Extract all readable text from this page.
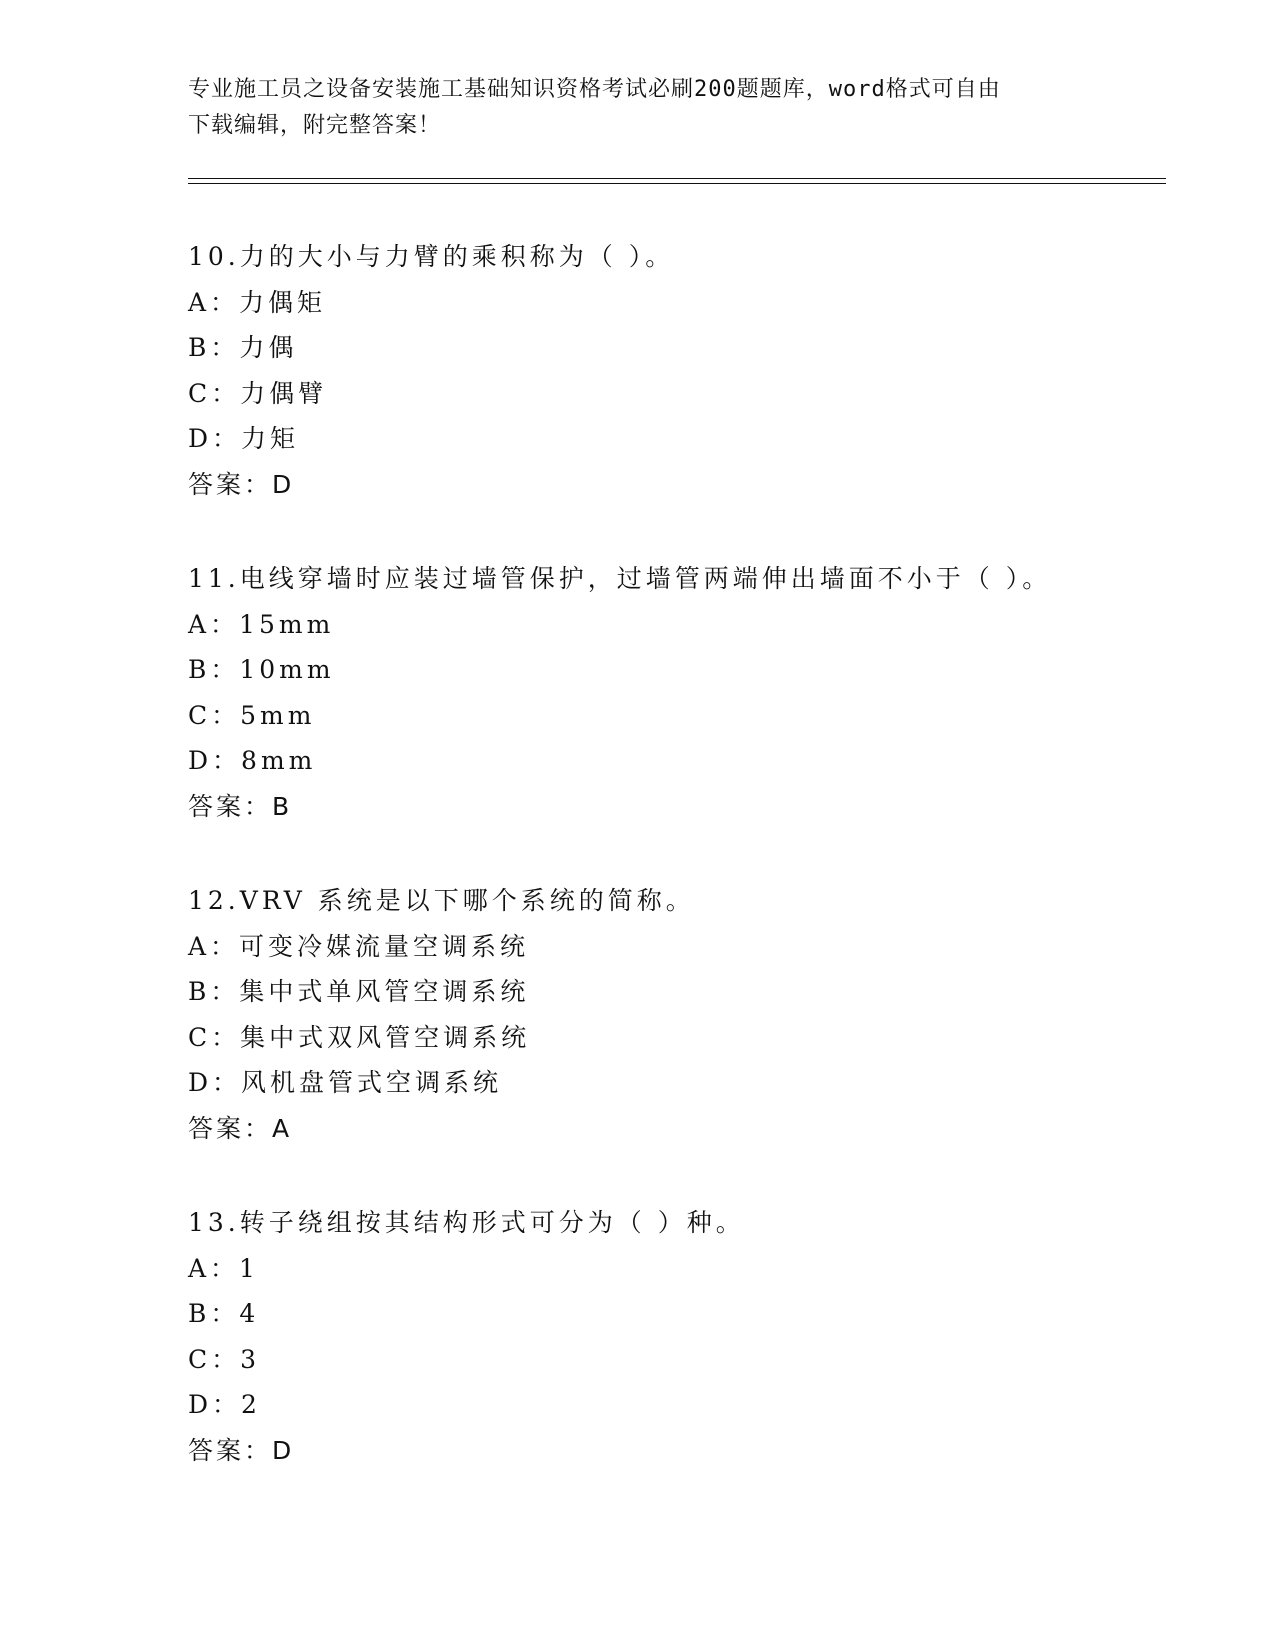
专业施工员之设备安装施工基础知识资格考试必刷200题题库，word格式可自由
下载编辑，附完整答案！
10.力的大小与力臂的乘积称为（ ）。
A：力偶矩
B：力偶
C：力偶臂
D：力矩
答案：D
11.电线穿墙时应装过墙管保护，过墙管两端伸出墙面不小于（ ）。
A：15mm
B：10mm
C：5mm
D：8mm
答案：B
12.VRV 系统是以下哪个系统的简称。
A：可变冷媒流量空调系统
B：集中式单风管空调系统
C：集中式双风管空调系统
D：风机盘管式空调系统
答案：A
13.转子绕组按其结构形式可分为（ ）种。
A：1
B：4
C：3
D：2
答案：D
